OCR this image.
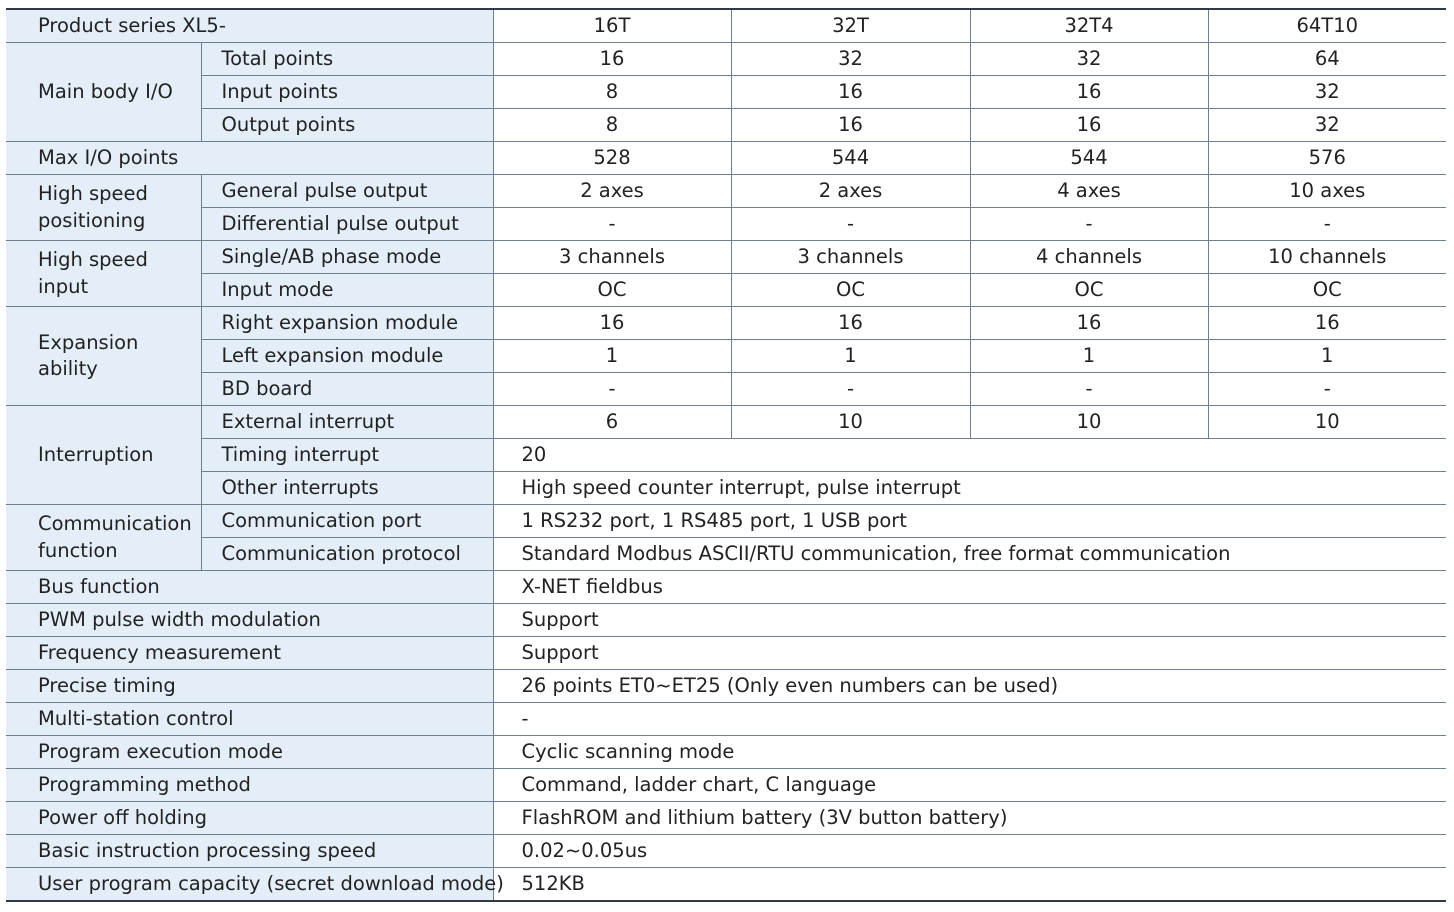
Product series XL5-		16T	32T	32T4	64T10
Main body I/O	Total points	16	32	32	64
	Input points	8	16	16	32
	Output points	8	16	16	32
Max I/O points		528	544	544	576
High speed positioning	General pulse output	2 axes	2 axes	4 axes	10 axes
	Differential pulse output	-	-	-	-
High speed input	Single/AB phase mode	3 channels	3 channels	4 channels	10 channels
	Input mode	OC	OC	OC	OC
Expansion ability	Right expansion module	16	16	16	16
	Left expansion module	1	1	1	1
	BD board	-	-	-	-
Interruption	External interrupt	6	10	10	10
	Timing interrupt	20			
	Other interrupts	High speed counter interrupt, pulse interrupt			
Communication function	Communication port	1 RS232 port, 1 RS485 port, 1 USB port			
	Communication protocol	Standard Modbus ASCII/RTU communication, free format communication			
Bus function		X-NET fieldbus			
PWM pulse width modulation		Support			
Frequency measurement		Support			
Precise timing		26 points ET0~ET25 (Only even numbers can be used)			
Multi-station control		-			
Program execution mode		Cyclic scanning mode			
Programming method		Command, ladder chart, C language			
Power off holding		FlashROM and lithium battery (3V button battery)			
Basic instruction processing speed		0.02~0.05us			
User program capacity (secret download mode)		512KB			
